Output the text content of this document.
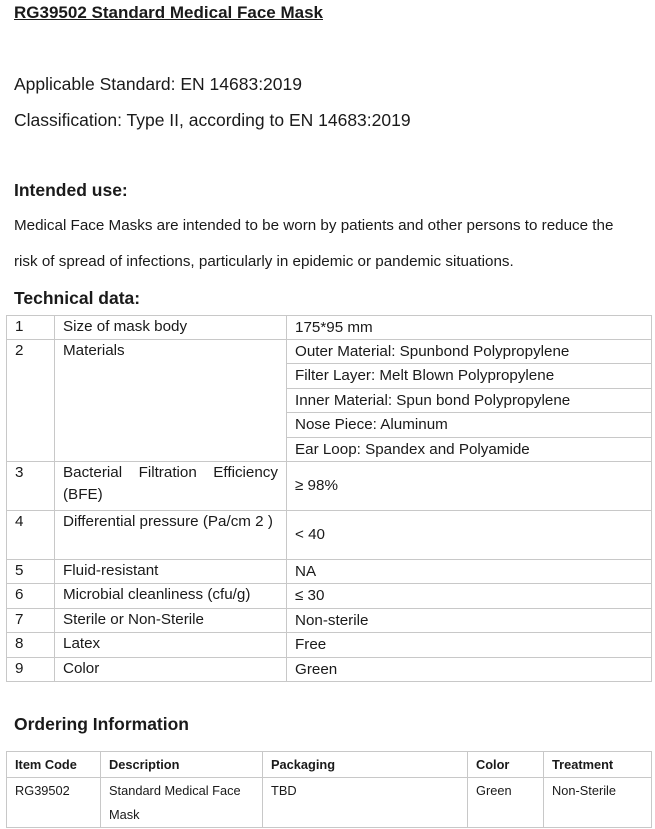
RG39502 Standard Medical Face Mask
Applicable Standard: EN 14683:2019
Classification: Type II, according to EN 14683:2019
Intended use:
Medical Face Masks are intended to be worn by patients and other persons to reduce the
risk of spread of infections, particularly in epidemic or pandemic situations.
Technical data:
1	Size of mask body	175*95 mm
2	Materials	Outer Material: Spunbond Polypropylene
		Filter Layer: Melt Blown Polypropylene
		Inner Material: Spun bond Polypropylene
		Nose Piece: Aluminum
		Ear Loop: Spandex and Polyamide
3	Bacterial Filtration Efficiency (BFE)	≥ 98%
4	Differential pressure (Pa/cm 2 )	< 40
5	Fluid-resistant	NA
6	Microbial cleanliness (cfu/g)	≤ 30
7	Sterile or Non-Sterile	Non-sterile
8	Latex	Free
9	Color	Green
Ordering Information
Item Code	Description	Packaging	Color	Treatment
RG39502	Standard Medical Face Mask	TBD	Green	Non-Sterile
